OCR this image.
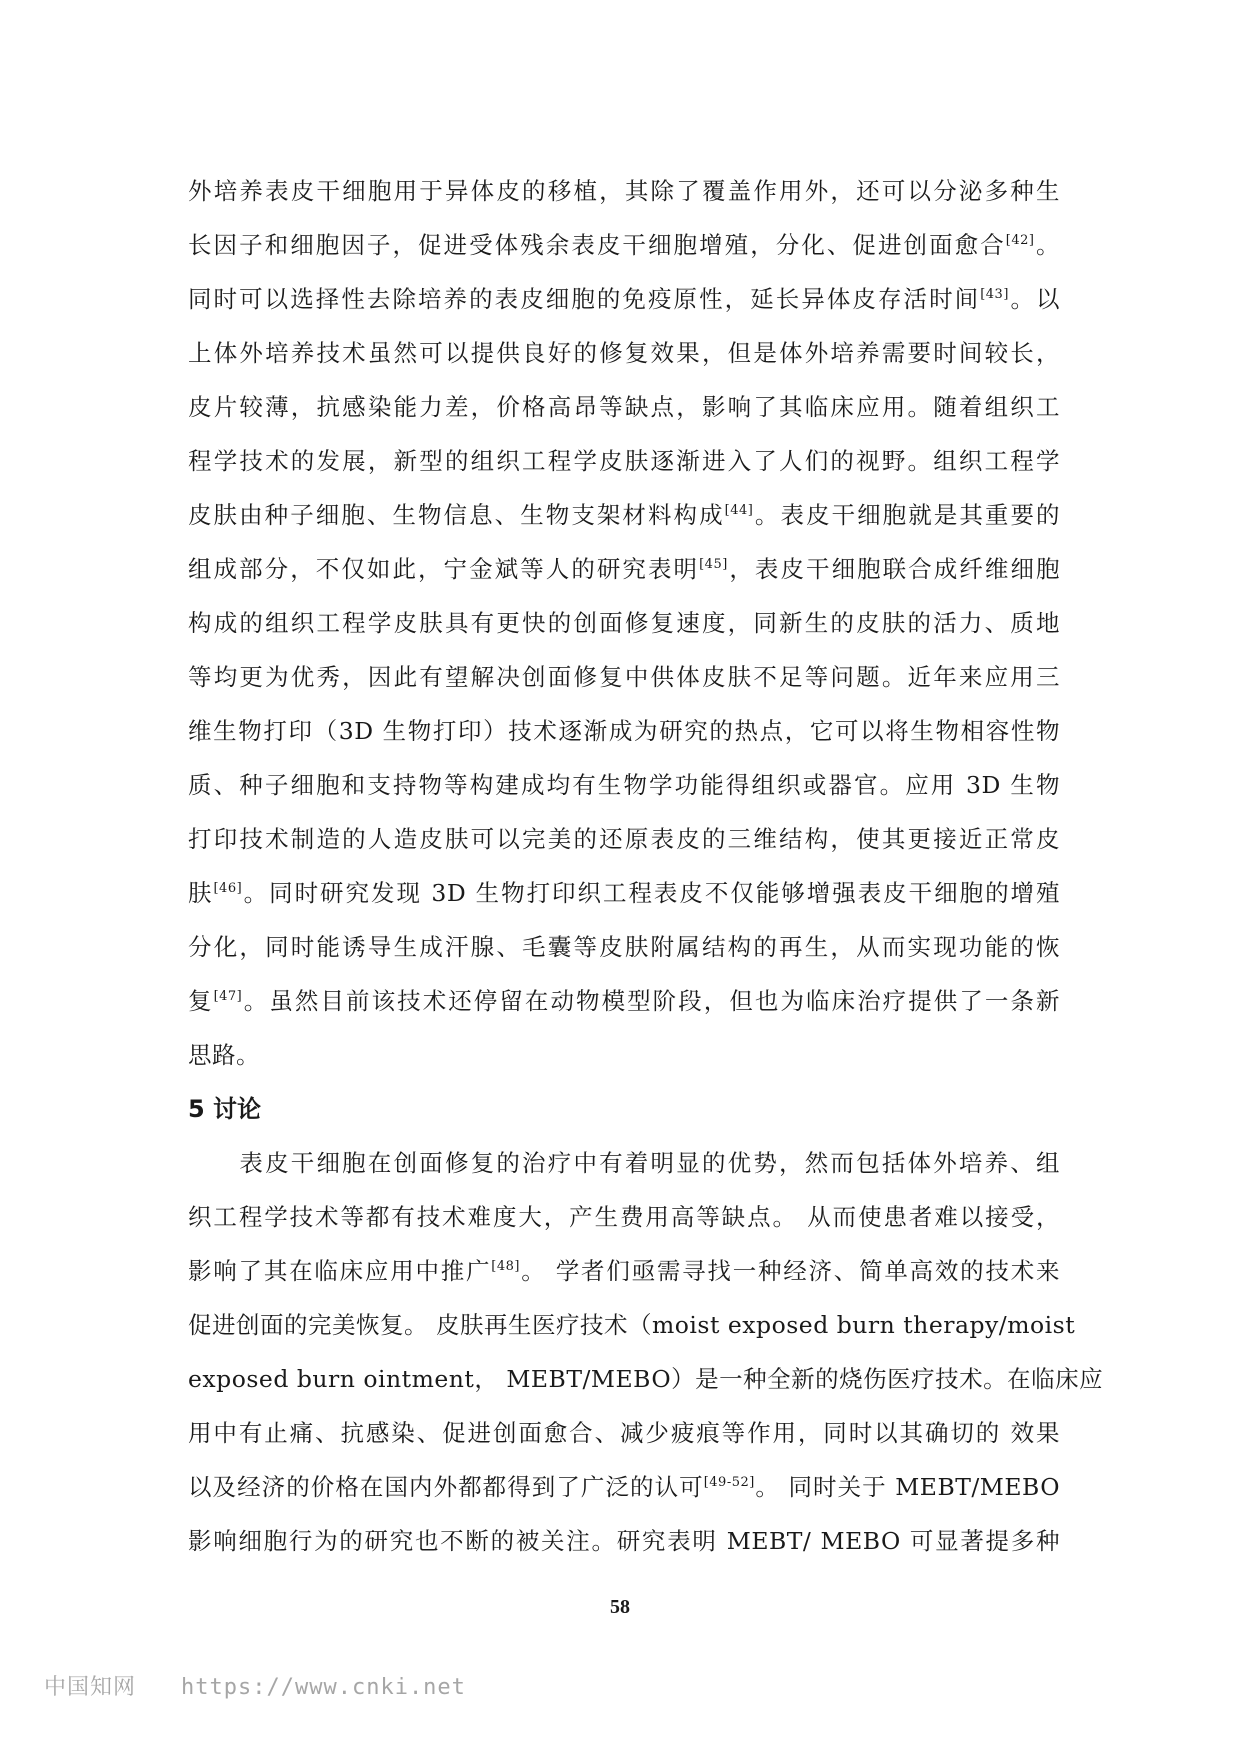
外培养表皮干细胞用于异体皮的移植，其除了覆盖作用外，还可以分泌多种生
长因子和细胞因子，促进受体残余表皮干细胞增殖，分化、促进创面愈合[42]。
同时可以选择性去除培养的表皮细胞的免疫原性，延长异体皮存活时间[43]。以
上体外培养技术虽然可以提供良好的修复效果，但是体外培养需要时间较长，
皮片较薄，抗感染能力差，价格高昂等缺点，影响了其临床应用。随着组织工
程学技术的发展，新型的组织工程学皮肤逐渐进入了人们的视野。组织工程学
皮肤由种子细胞、生物信息、生物支架材料构成[44]。表皮干细胞就是其重要的
组成部分，不仅如此，宁金斌等人的研究表明[45]，表皮干细胞联合成纤维细胞
构成的组织工程学皮肤具有更快的创面修复速度，同新生的皮肤的活力、质地
等均更为优秀，因此有望解决创面修复中供体皮肤不足等问题。近年来应用三
维生物打印（3D 生物打印）技术逐渐成为研究的热点，它可以将生物相容性物
质、种子细胞和支持物等构建成均有生物学功能得组织或器官。应用 3D 生物
打印技术制造的人造皮肤可以完美的还原表皮的三维结构，使其更接近正常皮
肤[46]。同时研究发现 3D 生物打印织工程表皮不仅能够增强表皮干细胞的增殖
分化，同时能诱导生成汗腺、毛囊等皮肤附属结构的再生，从而实现功能的恢
复[47]。虽然目前该技术还停留在动物模型阶段，但也为临床治疗提供了一条新
思路。
5 讨论
　　表皮干细胞在创面修复的治疗中有着明显的优势，然而包括体外培养、组
织工程学技术等都有技术难度大，产生费用高等缺点。 从而使患者难以接受，
影响了其在临床应用中推广[48]。 学者们亟需寻找一种经济、简单高效的技术来
促进创面的完美恢复。 皮肤再生医疗技术（moist exposed burn therapy/moist
exposed burn ointment， MEBT/MEBO）是一种全新的烧伤医疗技术。在临床应
用中有止痛、抗感染、促进创面愈合、减少疲痕等作用，同时以其确切的 效果
以及经济的价格在国内外都都得到了广泛的认可[49-52]。 同时关于 MEBT/MEBO
影响细胞行为的研究也不断的被关注。研究表明 MEBT/ MEBO 可显著提多种
58
中国知网 https://www.cnki.net
